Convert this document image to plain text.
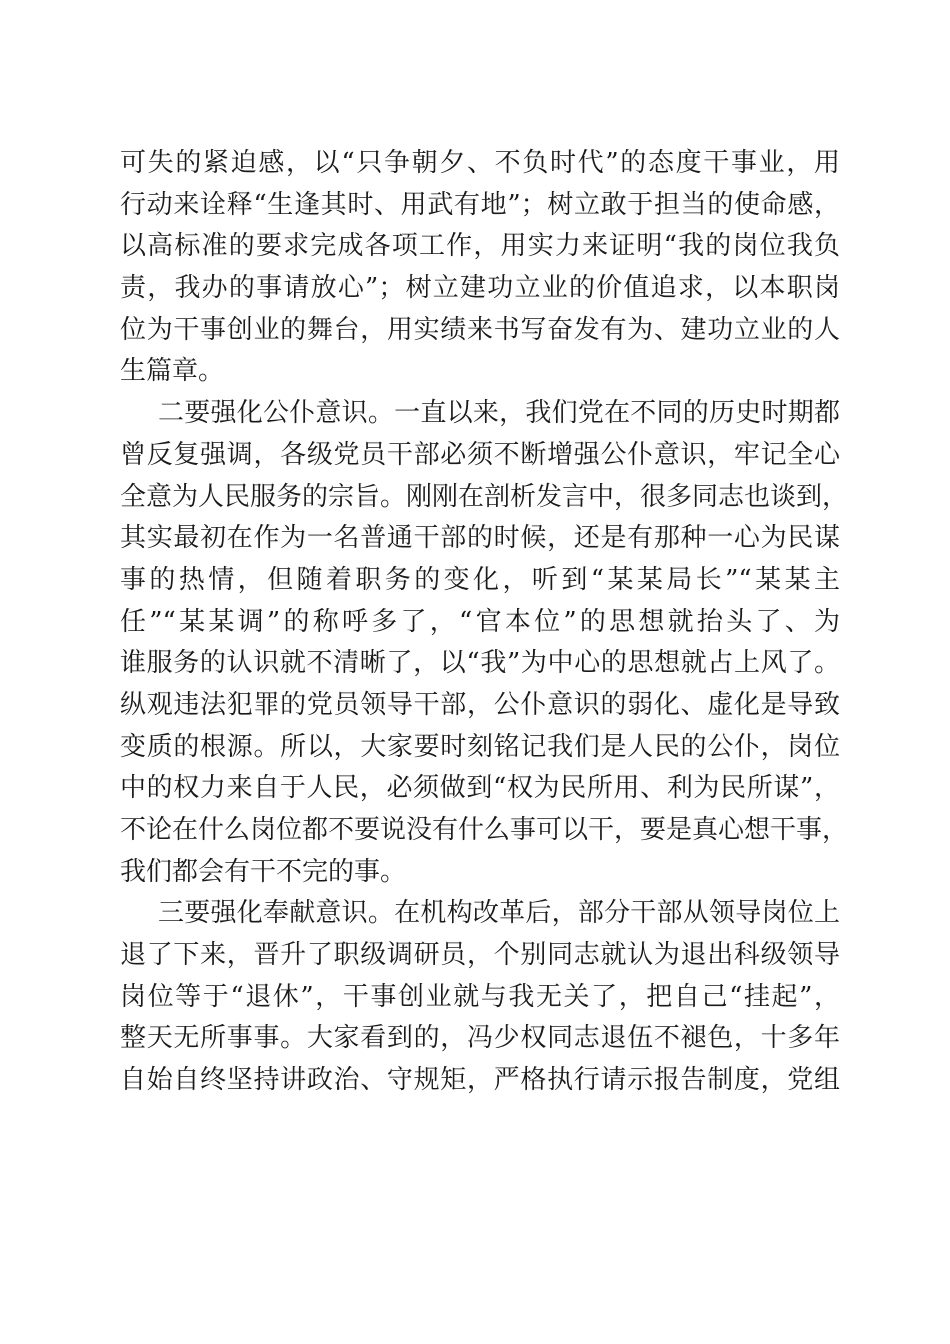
可失的紧迫感，以“只争朝夕、不负时代”的态度干事业，用
行动来诠释“生逢其时、用武有地”；树立敢于担当的使命感，
以高标准的要求完成各项工作，用实力来证明“我的岗位我负
责，我办的事请放心”；树立建功立业的价值追求，以本职岗
位为干事创业的舞台，用实绩来书写奋发有为、建功立业的人
生篇章。
二要强化公仆意识。一直以来，我们党在不同的历史时期都
曾反复强调，各级党员干部必须不断增强公仆意识，牢记全心
全意为人民服务的宗旨。刚刚在剖析发言中，很多同志也谈到，
其实最初在作为一名普通干部的时候，还是有那种一心为民谋
事的热情，但随着职务的变化，听到“某某局长”“某某主
任”“某某调”的称呼多了，“官本位”的思想就抬头了、为
谁服务的认识就不清晰了，以“我”为中心的思想就占上风了。
纵观违法犯罪的党员领导干部，公仆意识的弱化、虚化是导致
变质的根源。所以，大家要时刻铭记我们是人民的公仆，岗位
中的权力来自于人民，必须做到“权为民所用、利为民所谋”，
不论在什么岗位都不要说没有什么事可以干，要是真心想干事，
我们都会有干不完的事。
三要强化奉献意识。在机构改革后，部分干部从领导岗位上
退了下来，晋升了职级调研员，个别同志就认为退出科级领导
岗位等于“退休”，干事创业就与我无关了，把自己“挂起”，
整天无所事事。大家看到的，冯少权同志退伍不褪色，十多年
自始自终坚持讲政治、守规矩，严格执行请示报告制度，党组
